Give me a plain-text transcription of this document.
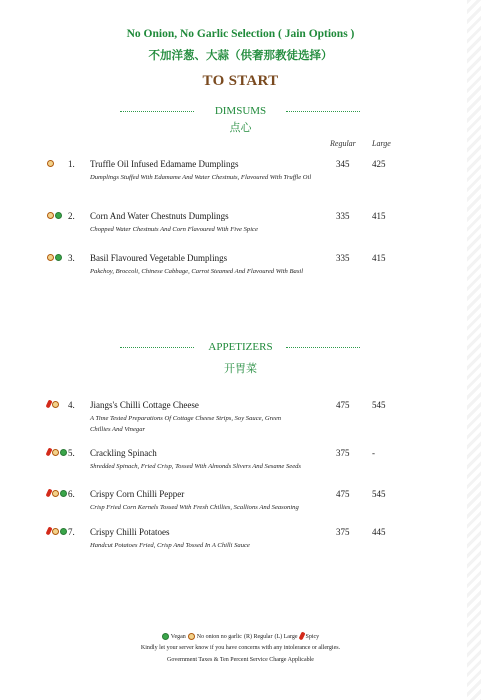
No Onion, No Garlic Selection ( Jain Options )
不加洋葱、大蒜（供奢那教徒选择）
TO START
DIMSUMS
点心
Regular Large
1. Truffle Oil Infused Edamame Dumplings
Dumplings Stuffed With Edamame And Water Chestnuts, Flavoured With Truffle Oil
345	425
2. Corn And Water Chestnuts Dumplings
Chopped Water Chestnuts And Corn Flavoured With Five Spice
335	415
3. Basil Flavoured Vegetable Dumplings
Pakchoy, Broccoli, Chinese Cabbage, Carrot Steamed And Flavoured With Basil
335	415
APPETIZERS
开胃菜
4. Jiangs's Chilli Cottage Cheese
A Time Tested Preparations Of Cottage Cheese Strips, Soy Sauce, Green Chillies And Vinegar
475	545
5. Crackling Spinach
Shredded Spinach, Fried Crisp, Tossed With Almonds Slivers And Sesame Seeds
375	-
6. Crispy Corn Chilli Pepper
Crisp Fried Corn Kernels Tossed With Fresh Chillies, Scallions And Seasoning
475	545
7. Crispy Chilli Potatoes
Handcut Potatoes Fried, Crisp And Tossed In A Chilli Sauce
375	445
Vegan No onion no garlic (R) Regular (L) Large Spicy
Kindly let your server know if you have concerns with any intolerance or allergies.
Government Taxes & Ten Percent Service Charge Applicable
